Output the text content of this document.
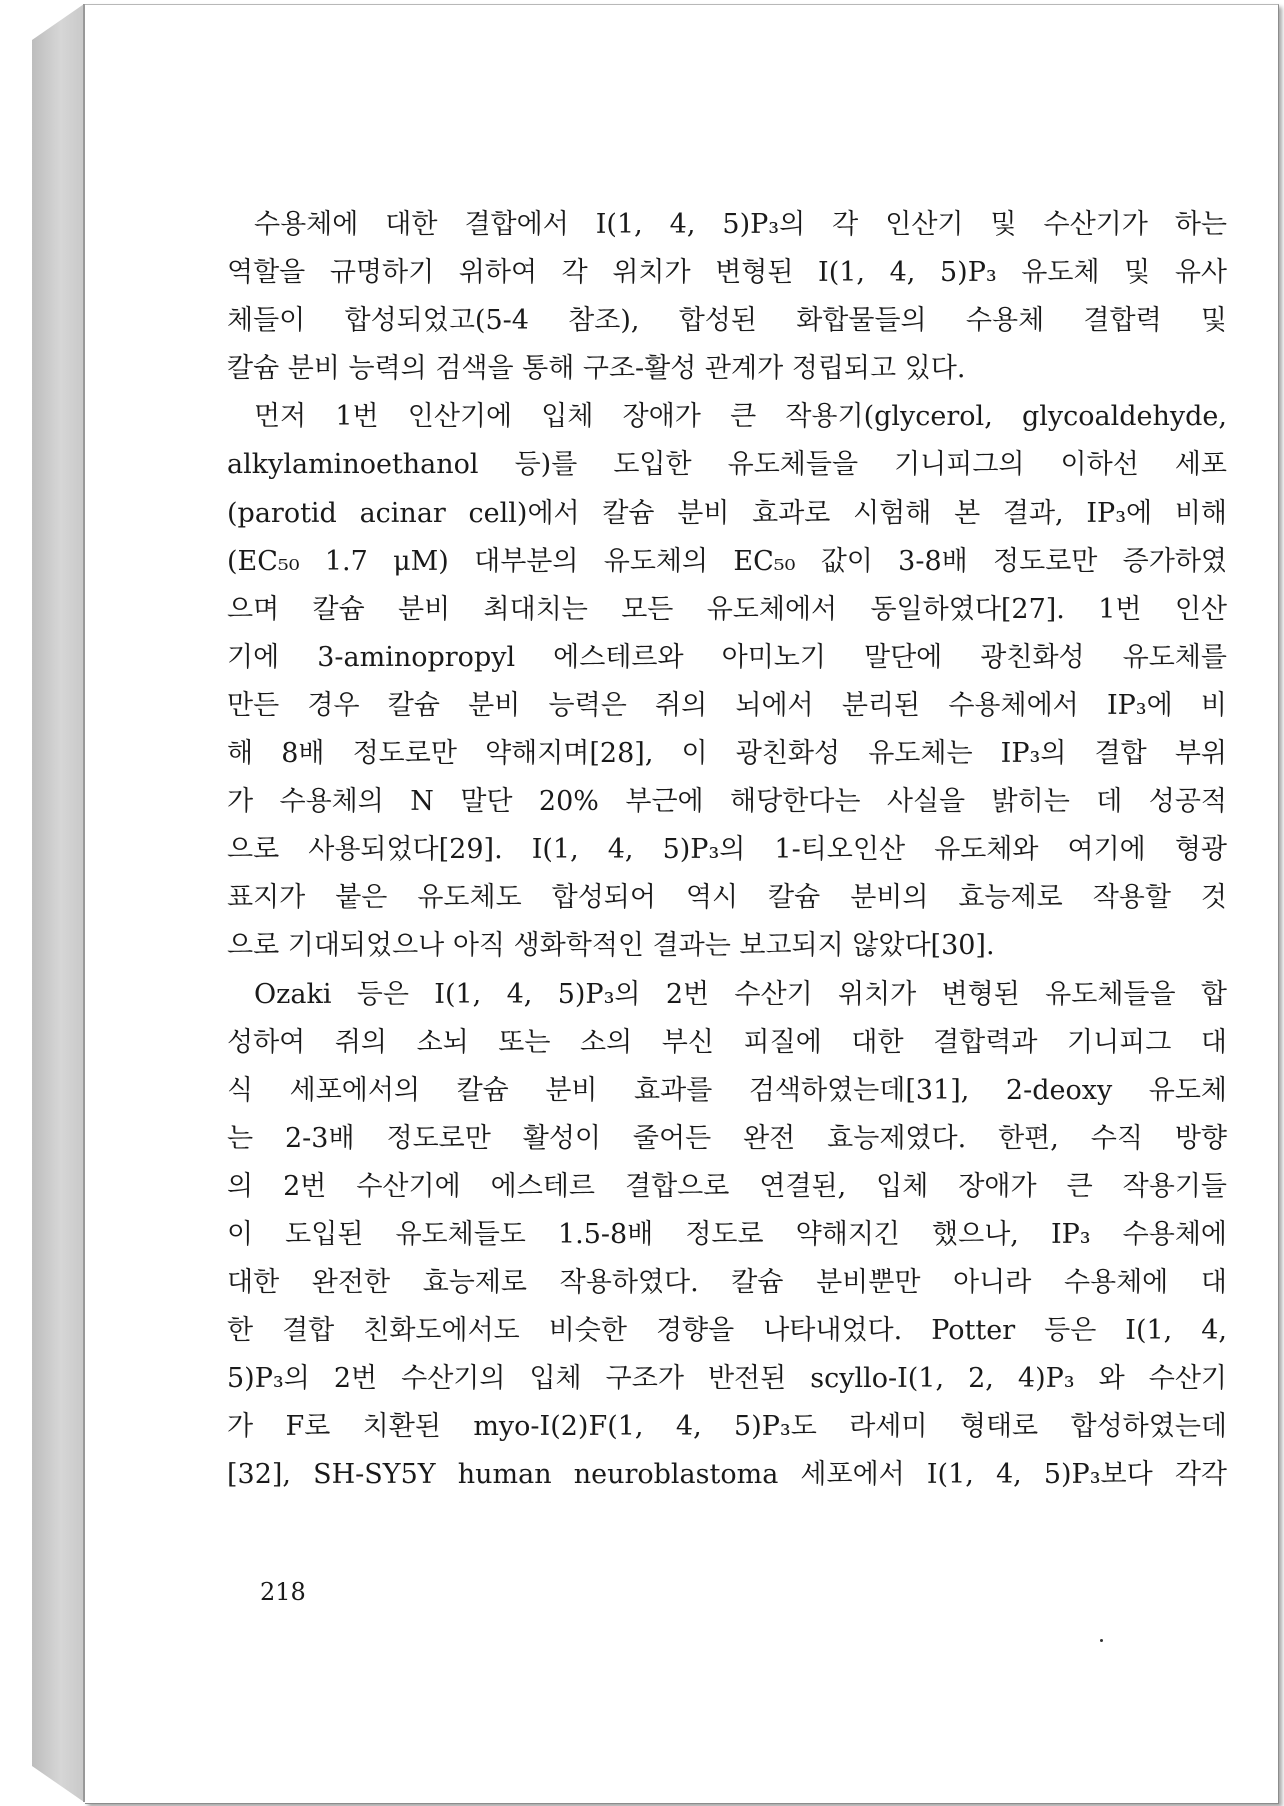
수용체에 대한 결합에서 I(1, 4, 5)P₃의 각 인산기 및 수산기가 하는
역할을 규명하기 위하여 각 위치가 변형된 I(1, 4, 5)P₃ 유도체 및 유사
체들이 합성되었고(5-4 참조), 합성된 화합물들의 수용체 결합력 및
칼슘 분비 능력의 검색을 통해 구조-활성 관계가 정립되고 있다.
먼저 1번 인산기에 입체 장애가 큰 작용기(glycerol, glycoaldehyde,
alkylaminoethanol 등)를 도입한 유도체들을 기니피그의 이하선 세포
(parotid acinar cell)에서 칼슘 분비 효과로 시험해 본 결과, IP₃에 비해
(EC₅₀ 1.7 μM) 대부분의 유도체의 EC₅₀ 값이 3-8배 정도로만 증가하였
으며 칼슘 분비 최대치는 모든 유도체에서 동일하였다[27]. 1번 인산
기에 3-aminopropyl 에스테르와 아미노기 말단에 광친화성 유도체를
만든 경우 칼슘 분비 능력은 쥐의 뇌에서 분리된 수용체에서 IP₃에 비
해 8배 정도로만 약해지며[28], 이 광친화성 유도체는 IP₃의 결합 부위
가 수용체의 N 말단 20% 부근에 해당한다는 사실을 밝히는 데 성공적
으로 사용되었다[29]. I(1, 4, 5)P₃의 1-티오인산 유도체와 여기에 형광
표지가 붙은 유도체도 합성되어 역시 칼슘 분비의 효능제로 작용할 것
으로 기대되었으나 아직 생화학적인 결과는 보고되지 않았다[30].
Ozaki 등은 I(1, 4, 5)P₃의 2번 수산기 위치가 변형된 유도체들을 합
성하여 쥐의 소뇌 또는 소의 부신 피질에 대한 결합력과 기니피그 대
식 세포에서의 칼슘 분비 효과를 검색하였는데[31], 2-deoxy 유도체
는 2-3배 정도로만 활성이 줄어든 완전 효능제였다. 한편, 수직 방향
의 2번 수산기에 에스테르 결합으로 연결된, 입체 장애가 큰 작용기들
이 도입된 유도체들도 1.5-8배 정도로 약해지긴 했으나, IP₃ 수용체에
대한 완전한 효능제로 작용하였다. 칼슘 분비뿐만 아니라 수용체에 대
한 결합 친화도에서도 비슷한 경향을 나타내었다. Potter 등은 I(1, 4,
5)P₃의 2번 수산기의 입체 구조가 반전된 scyllo-I(1, 2, 4)P₃ 와 수산기
가 F로 치환된 myo-I(2)F(1, 4, 5)P₃도 라세미 형태로 합성하였는데
[32], SH-SY5Y human neuroblastoma 세포에서 I(1, 4, 5)P₃보다 각각
218
